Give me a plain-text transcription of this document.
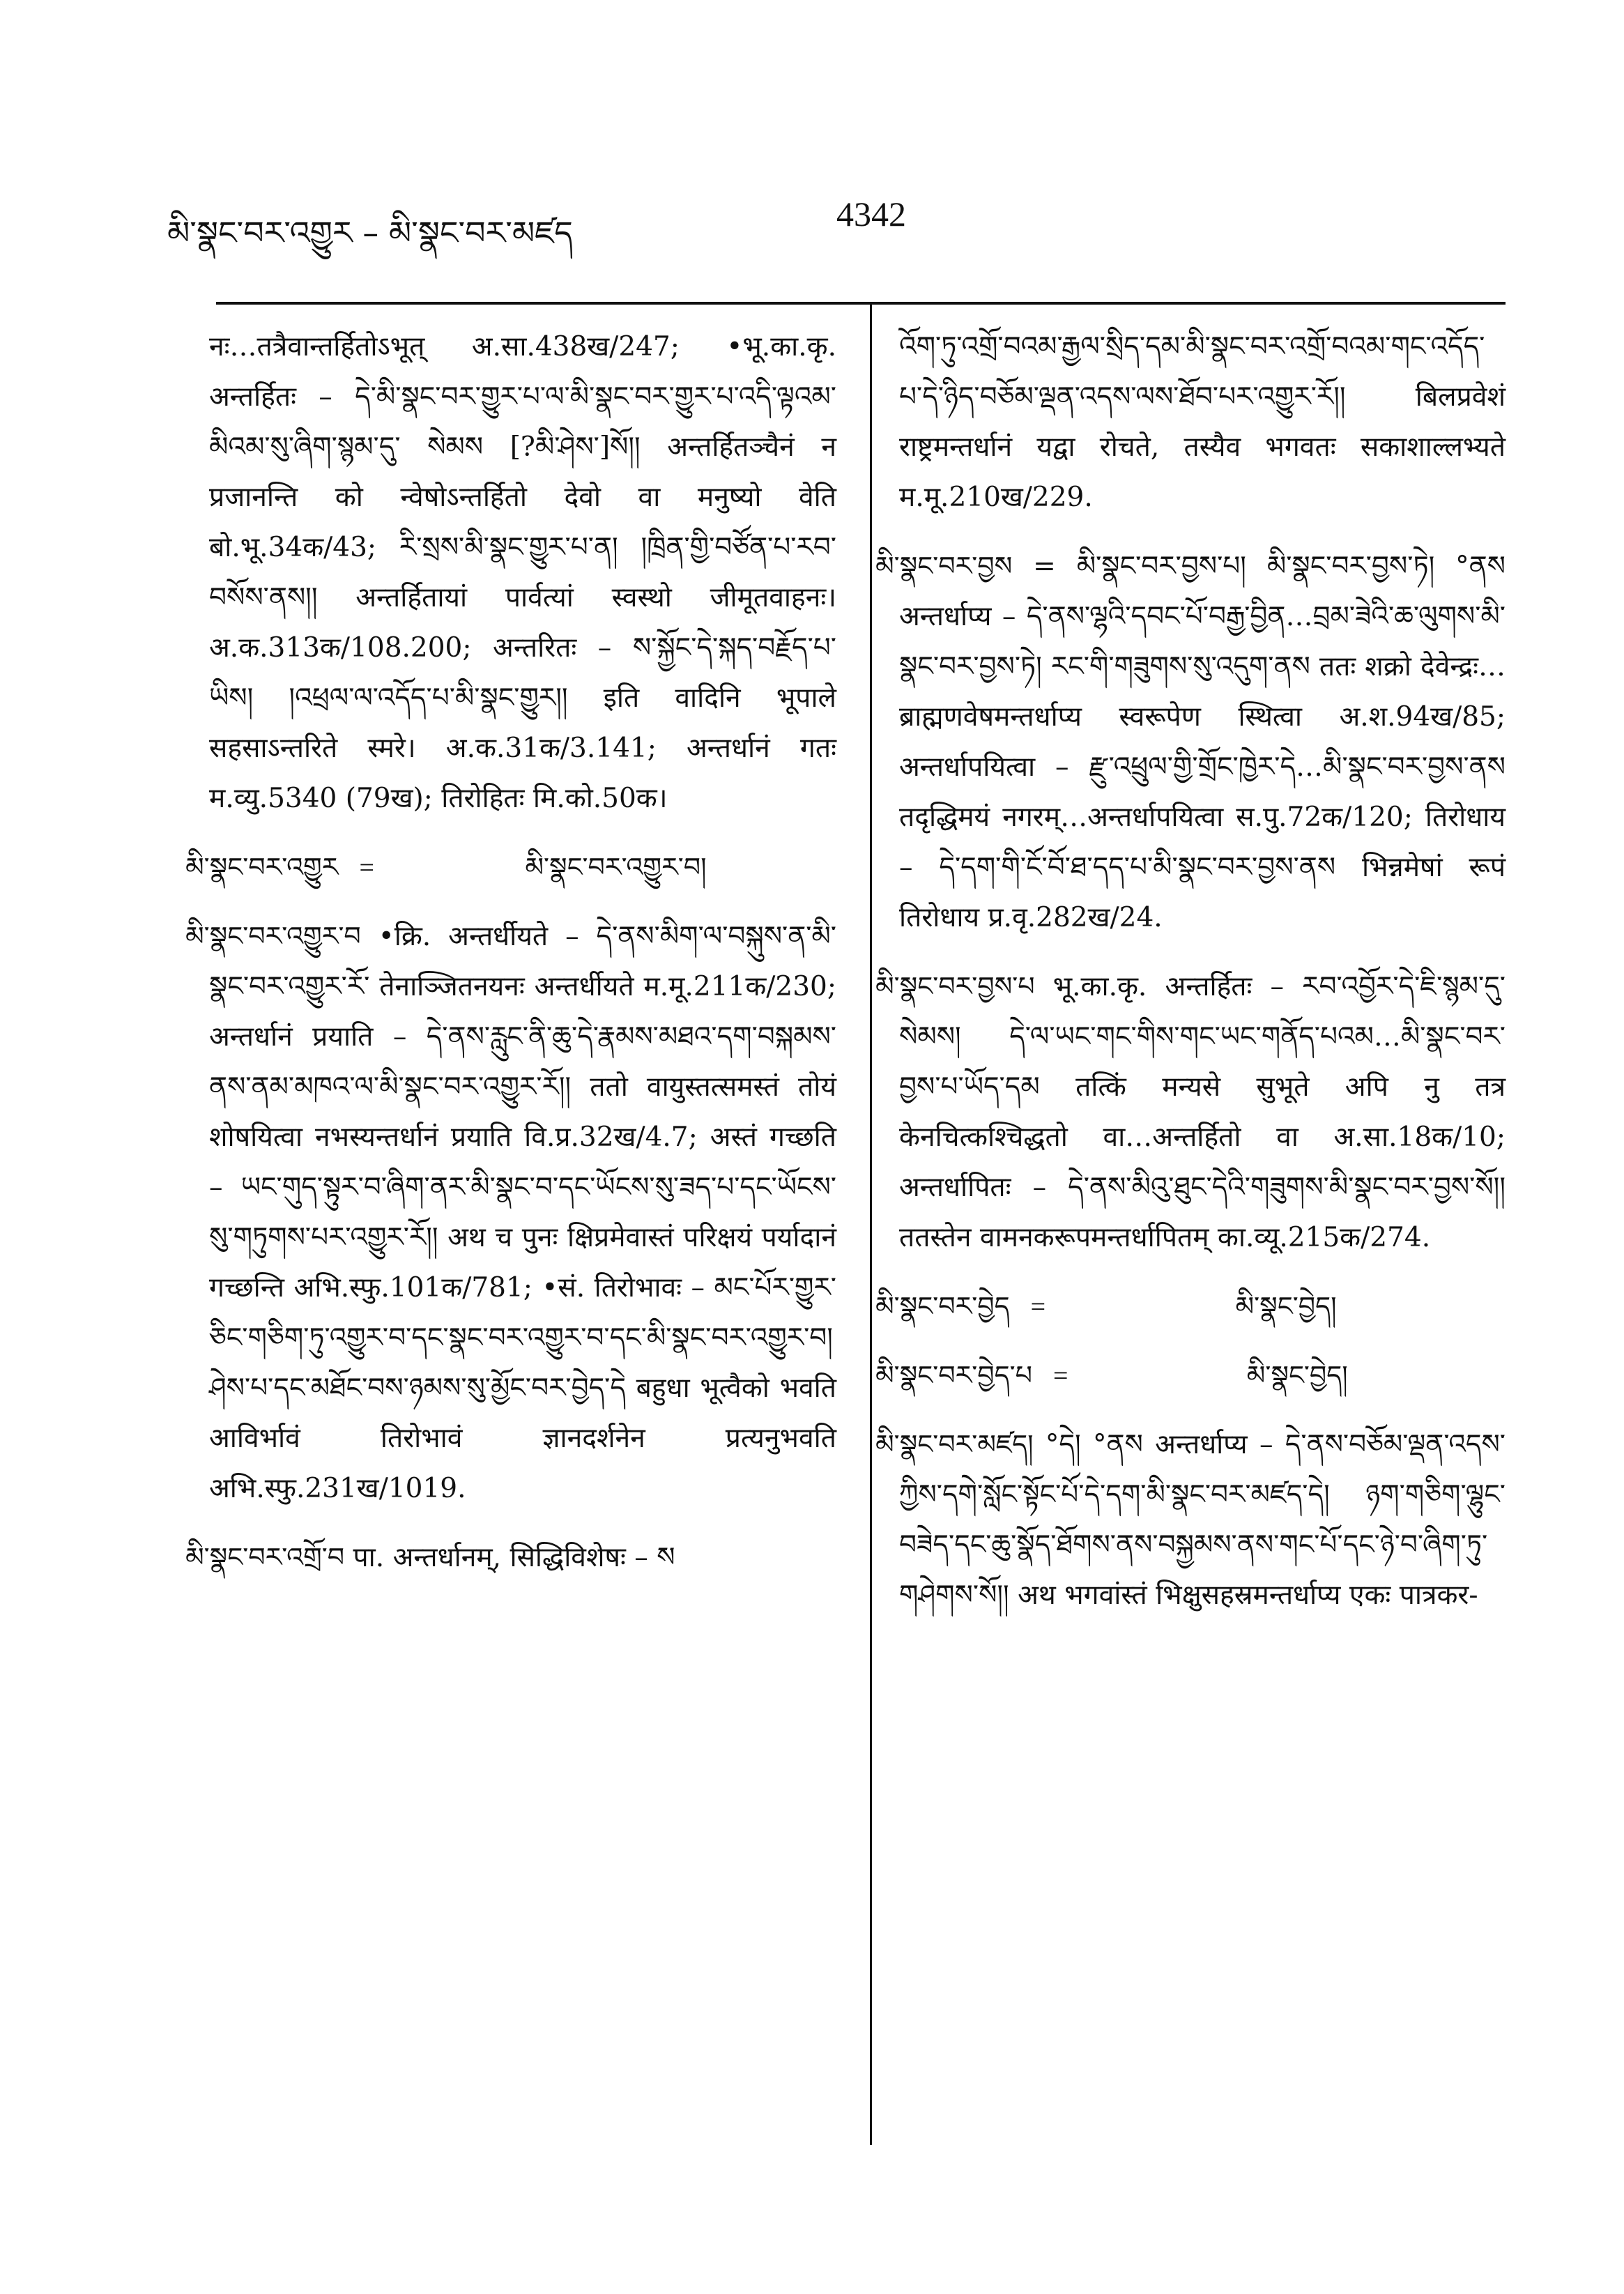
མི་སྣང་བར་འགྱུར – མི་སྣང་བར་མཛད	4342

नः…तत्रैवान्तर्हितोऽभूत् अ.सा.438ख/247; •भू.का.कृ. अन्तर्हितः – དེ་མི་སྣང་བར་གྱུར་པ་ལ་མི་སྣང་བར་གྱུར་པ་འདི་ལྟའམ་མིའམ་སུ་ཞིག་སྙམ་དུ་ སེམས [?མི་ཤེས་]སོ།། अन्तर्हितञ्चैनं न प्रजानन्ति को न्वेषोऽन्तर्हितो देवो वा मनुष्यो वेति बो.भू.34क/43; རི་སྲས་མི་སྣང་གྱུར་པ་ན། །ཁྲིན་གྱི་བཙོན་པ་རབ་བསོས་ནས།། अन्तर्हितायां पार्वत्यां स्वस्थो जीमूतवाहनः। अ.क.313क/108.200; अन्तरितः – ས་སྐྱོང་དེ་སྐད་བརྗོད་པ་ཡིས། །འཕྲལ་ལ་འདོད་པ་མི་སྣང་གྱུར།། इति वादिनि भूपाले सहसाऽन्तरिते स्मरे। अ.क.31क/3.141; अन्तर्धानं गतः म.व्यु.5340 (79ख); तिरोहितः मि.को.50क।

མི་སྣང་བར་འགྱུར =	མི་སྣང་བར་འགྱུར་བ།

མི་སྣང་བར་འགྱུར་བ •क्रि. अन्तर्धीयते – དེ་ནས་མིག་ལ་བསྐུས་ན་མི་སྣང་བར་འགྱུར་རོ་ तेनाञ्जितनयनः अन्तर्धीयते म.मू.211क/230; अन्तर्धानं प्रयाति – དེ་ནས་རླུང་ནི་ཆུ་དེ་རྣམས་མཐའ་དག་བསྐམས་ནས་ནམ་མཁའ་ལ་མི་སྣང་བར་འགྱུར་རོ།། ततो वायुस्तत्समस्तं तोयं शोषयित्वा नभस्यन्तर्धानं प्रयाति वि.प्र.32ख/4.7; अस्तं गच्छति – ཡང་གུད་སྟུར་བ་ཞིག་ནར་མི་སྣང་བ་དང་ཡོངས་སུ་ཟད་པ་དང་ཡོངས་སུ་གཏུགས་པར་འགྱུར་རོ།། अथ च पुनः क्षिप्रमेवास्तं परिक्षयं पर्यादानं गच्छन्ति अभि.स्फु.101क/781; •सं. तिरोभावः – མང་པོར་གྱུར་ཅིང་གཅིག་ཏུ་འགྱུར་བ་དང་སྣང་བར་འགྱུར་བ་དང་མི་སྣང་བར་འགྱུར་བ། ཤེས་པ་དང་མཐོང་བས་ཉམས་སུ་མྱོང་བར་བྱེད་དེ बहुधा भूत्वैको भवति आविर्भावं तिरोभावं ज्ञानदर्शनेन प्रत्यनुभवति अभि.स्फु.231ख/1019.

མི་སྣང་བར་འགྲོ་བ पा. अन्तर्धानम्, सिद्धिविशेषः – ས

འོག་ཏུ་འགྲོ་བའམ་རྒྱལ་སྲིད་དམ་མི་སྣང་བར་འགྲོ་བའམ་གང་འདོད་པ་དེ་ཉིད་བཅོམ་ལྡན་འདས་ལས་ཐོབ་པར་འགྱུར་རོ།། बिलप्रवेशं राष्ट्रमन्तर्धानं यद्वा रोचते, तस्यैव भगवतः सकाशाल्लभ्यते म.मू.210ख/229.

མི་སྣང་བར་བྱས = མི་སྣང་བར་བྱས་པ། མི་སྣང་བར་བྱས་ཏེ། °ནས अन्तर्धाप्य – དེ་ནས་ལྷའི་དབང་པོ་བརྒྱ་བྱིན…བྲམ་ཟེའི་ཆ་ལུགས་མི་སྣང་བར་བྱས་ཏེ། རང་གི་གཟུགས་སུ་འདུག་ནས ततः शक्रो देवेन्द्रः… ब्राह्मणवेषमन्तर्धाप्य स्वरूपेण स्थित्वा अ.श.94ख/85; अन्तर्धापयित्वा – རྫུ་འཕྲུལ་གྱི་གྲོང་ཁྱེར་དེ…མི་སྣང་བར་བྱས་ནས तदृद्धिमयं नगरम्…अन्तर्धापयित्वा स.पु.72क/120; तिरोधाय – དེ་དག་གི་ངོ་བོ་ཐ་དད་པ་མི་སྣང་བར་བྱས་ནས भिन्नमेषां रूपं तिरोधाय प्र.वृ.282ख/24.

མི་སྣང་བར་བྱས་པ भू.का.कृ. अन्तर्हितः – རབ་འབྱོར་དེ་ཇི་སྙམ་དུ་སེམས། དེ་ལ་ཡང་གང་གིས་གང་ཡང་གནོད་པའམ…མི་སྣང་བར་བྱས་པ་ཡོད་དམ तत्किं मन्यसे सुभूते अपि नु तत्र केनचित्कश्चिद्धतो वा…अन्तर्हितो वा अ.सा.18क/10; अन्तर्धापितः – དེ་ནས་མིའུ་ཐུང་དེའི་གཟུགས་མི་སྣང་བར་བྱས་སོ།། ततस्तेन वामनकरूपमन्तर्धापितम् का.व्यू.215क/274.

མི་སྣང་བར་བྱེད =	མི་སྣང་བྱེད།
མི་སྣང་བར་བྱེད་པ =	མི་སྣང་བྱེད།

མི་སྣང་བར་མཛད། °དེ། °ནས अन्तर्धाप्य – དེ་ནས་བཅོམ་ལྡན་འདས་ཀྱིས་དགེ་སློང་སྟོང་པོ་དེ་དག་མི་སྣང་བར་མཛད་དེ། ཉག་གཅིག་ལྷུང་བཟེད་དང་ཆུ་སྣོད་ཐོགས་ནས་བསྐྱམས་ནས་གང་པོ་དང་ཉེ་བ་ཞིག་ཏུ་གཤེགས་སོ།། अथ भगवांस्तं भिक्षुसहस्रमन्तर्धाप्य एकः पात्रकर-
